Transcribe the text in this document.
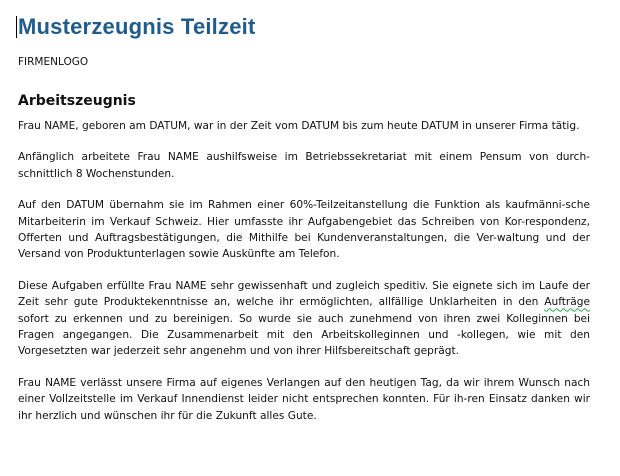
Musterzeugnis Teilzeit
FIRMENLOGO
Arbeitszeugnis

Frau NAME, geboren am DATUM, war in der Zeit vom DATUM bis zum heute DATUM in unserer Firma tätig.

Anfänglich arbeitete Frau NAME aushilfsweise im Betriebssekretariat mit einem Pensum von durch-schnittlich 8 Wochenstunden.

Auf den DATUM übernahm sie im Rahmen einer 60%-Teilzeitanstellung die Funktion als kaufmänni-sche Mitarbeiterin im Verkauf Schweiz. Hier umfasste ihr Aufgabengebiet das Schreiben von Kor-respondenz, Offerten und Auftragsbestätigungen, die Mithilfe bei Kundenveranstaltungen, die Ver-waltung und der Versand von Produktunterlagen sowie Auskünfte am Telefon.

Diese Aufgaben erfüllte Frau NAME sehr gewissenhaft und zugleich speditiv. Sie eignete sich im Laufe der Zeit sehr gute Produktekenntnisse an, welche ihr ermöglichten, allfällige Unklarheiten in den Aufträge sofort zu erkennen und zu bereinigen. So wurde sie auch zunehmend von ihren zwei Kolleginnen bei Fragen angegangen. Die Zusammenarbeit mit den Arbeitskolleginnen und -kollegen, wie mit den Vorgesetzten war jederzeit sehr angenehm und von ihrer Hilfsbereitschaft geprägt.

Frau NAME verlässt unsere Firma auf eigenes Verlangen auf den heutigen Tag, da wir ihrem Wunsch nach einer Vollzeitstelle im Verkauf Innendienst leider nicht entsprechen konnten. Für ih-ren Einsatz danken wir ihr herzlich und wünschen ihr für die Zukunft alles Gute.
